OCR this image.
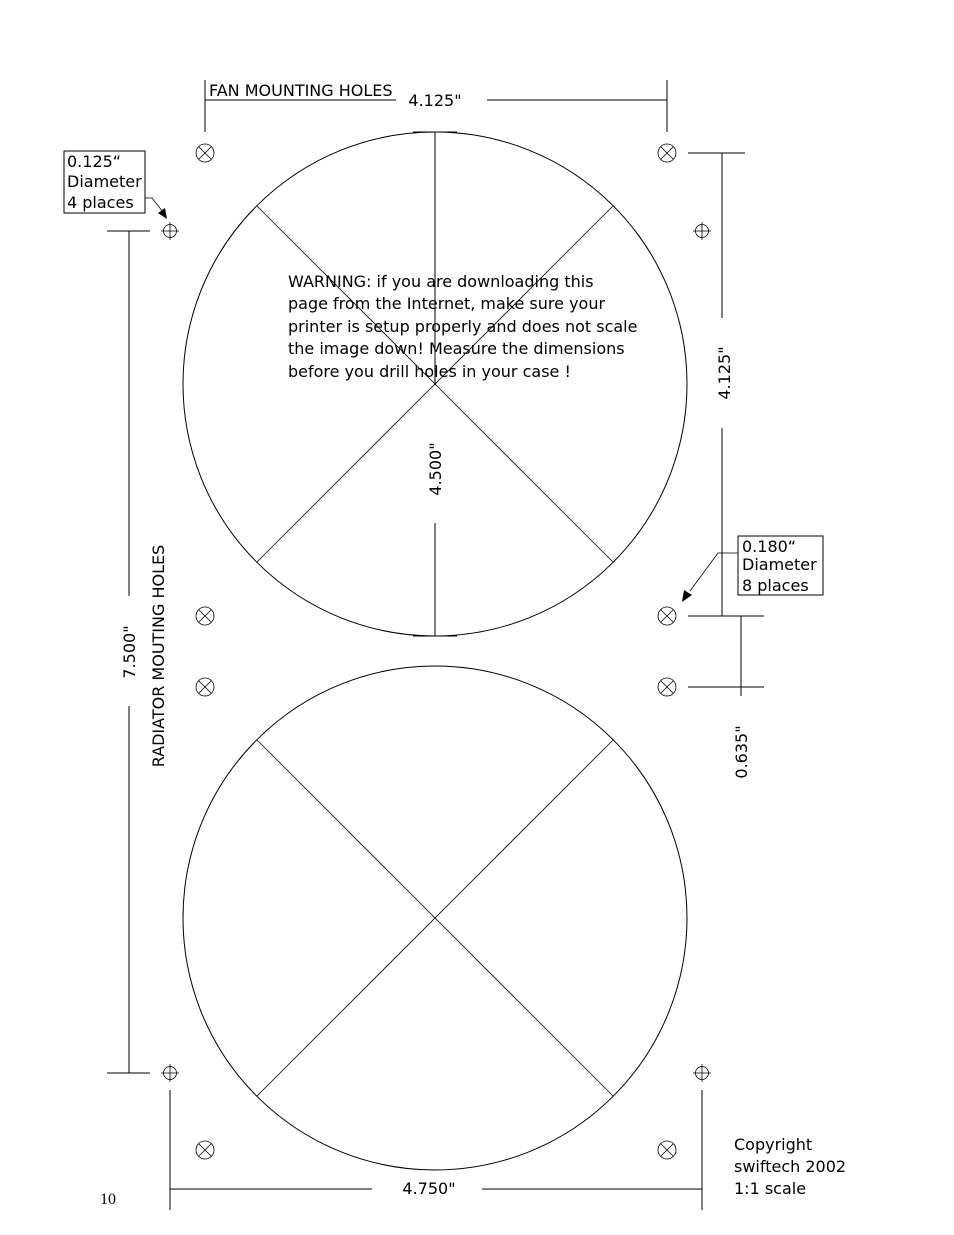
4.125"
FAN MOUNTING HOLES
4.500"
4.125"
0.635"
7.500" RADIATOR MOUTING HOLES
4.750"
0.125“
Diameter
4 places
0.180“
Diameter
8 places
WARNING: if you are downloading this
page from the Internet, make sure your
printer is setup properly and does not scale
the image down! Measure the dimensions
before you drill holes in your case !
Copyright
swiftech 2002
1:1 scale
10
